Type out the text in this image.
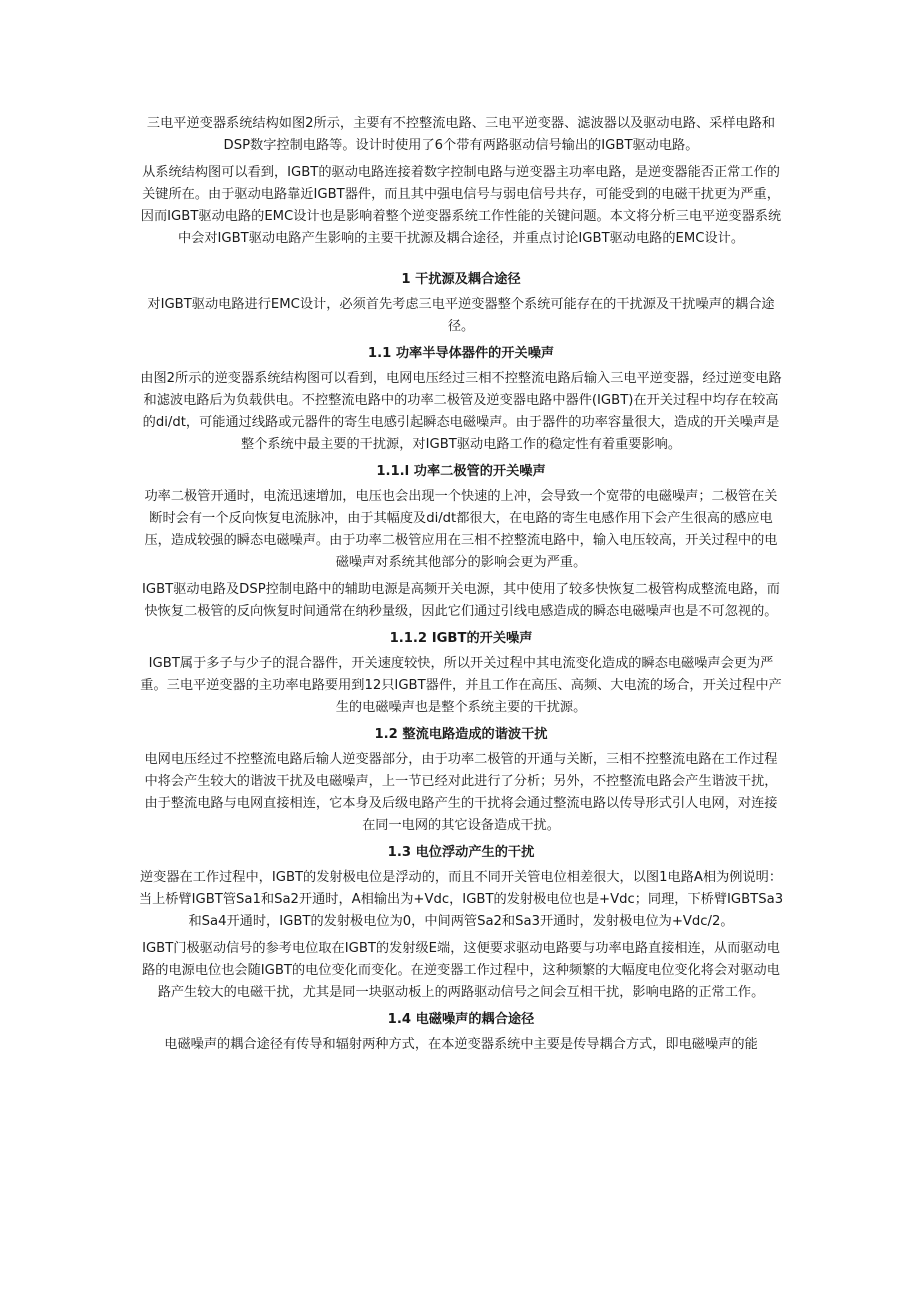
三电平逆变器系统结构如图2所示，主要有不控整流电路、三电平逆变器、滤波器以及驱动电路、采样电路和DSP数字控制电路等。设计时使用了6个带有两路驱动信号输出的IGBT驱动电路。

从系统结构图可以看到，IGBT的驱动电路连接着数字控制电路与逆变器主功率电路，是逆变器能否正常工作的关键所在。由于驱动电路靠近IGBT器件，而且其中强电信号与弱电信号共存，可能受到的电磁干扰更为严重，因而IGBT驱动电路的EMC设计也是影响着整个逆变器系统工作性能的关键问题。本文将分析三电平逆变器系统中会对IGBT驱动电路产生影响的主要干扰源及耦合途径，并重点讨论IGBT驱动电路的EMC设计。

1 干扰源及耦合途径

对IGBT驱动电路进行EMC设计，必须首先考虑三电平逆变器整个系统可能存在的干扰源及干扰噪声的耦合途径。

1.1 功率半导体器件的开关噪声

由图2所示的逆变器系统结构图可以看到，电网电压经过三相不控整流电路后输入三电平逆变器，经过逆变电路和滤波电路后为负载供电。不控整流电路中的功率二极管及逆变器电路中器件(IGBT)在开关过程中均存在较高的di/dt，可能通过线路或元器件的寄生电感引起瞬态电磁噪声。由于器件的功率容量很大，造成的开关噪声是整个系统中最主要的干扰源，对IGBT驱动电路工作的稳定性有着重要影响。

1.1.l 功率二极管的开关噪声

功率二极管开通时，电流迅速增加，电压也会出现一个快速的上冲，会导致一个宽带的电磁噪声；二极管在关断时会有一个反向恢复电流脉冲，由于其幅度及di/dt都很大，在电路的寄生电感作用下会产生很高的感应电压，造成较强的瞬态电磁噪声。由于功率二极管应用在三相不控整流电路中，输入电压较高，开关过程中的电磁噪声对系统其他部分的影响会更为严重。

IGBT驱动电路及DSP控制电路中的辅助电源是高频开关电源，其中使用了较多快恢复二极管构成整流电路，而快恢复二极管的反向恢复时间通常在纳秒量级，因此它们通过引线电感造成的瞬态电磁噪声也是不可忽视的。

1.1.2 IGBT的开关噪声

IGBT属于多子与少子的混合器件，开关速度较快，所以开关过程中其电流变化造成的瞬态电磁噪声会更为严重。三电平逆变器的主功率电路要用到12只IGBT器件，并且工作在高压、高频、大电流的场合，开关过程中产生的电磁噪声也是整个系统主要的干扰源。

1.2 整流电路造成的谐波干扰

电网电压经过不控整流电路后输人逆变器部分，由于功率二极管的开通与关断，三相不控整流电路在工作过程中将会产生较大的谐波干扰及电磁噪声，上一节已经对此进行了分析；另外，不控整流电路会产生谐波干扰，由于整流电路与电网直接相连，它本身及后级电路产生的干扰将会通过整流电路以传导形式引人电网，对连接在同一电网的其它设备造成干扰。

1.3 电位浮动产生的干扰

逆变器在工作过程中，IGBT的发射极电位是浮动的，而且不同开关管电位相差很大，以图1电路A相为例说明：当上桥臂IGBT管Sa1和Sa2开通时，A相输出为+Vdc，IGBT的发射极电位也是+Vdc；同理，下桥臂IGBTSa3和Sa4开通时，IGBT的发射极电位为0，中间两管Sa2和Sa3开通时，发射极电位为+Vdc/2。

IGBT门极驱动信号的参考电位取在IGBT的发射级E端，这便要求驱动电路要与功率电路直接相连，从而驱动电路的电源电位也会随IGBT的电位变化而变化。在逆变器工作过程中，这种频繁的大幅度电位变化将会对驱动电路产生较大的电磁干扰，尤其是同一块驱动板上的两路驱动信号之间会互相干扰，影响电路的正常工作。

1.4 电磁噪声的耦合途径

电磁噪声的耦合途径有传导和辐射两种方式，在本逆变器系统中主要是传导耦合方式，即电磁噪声的能
